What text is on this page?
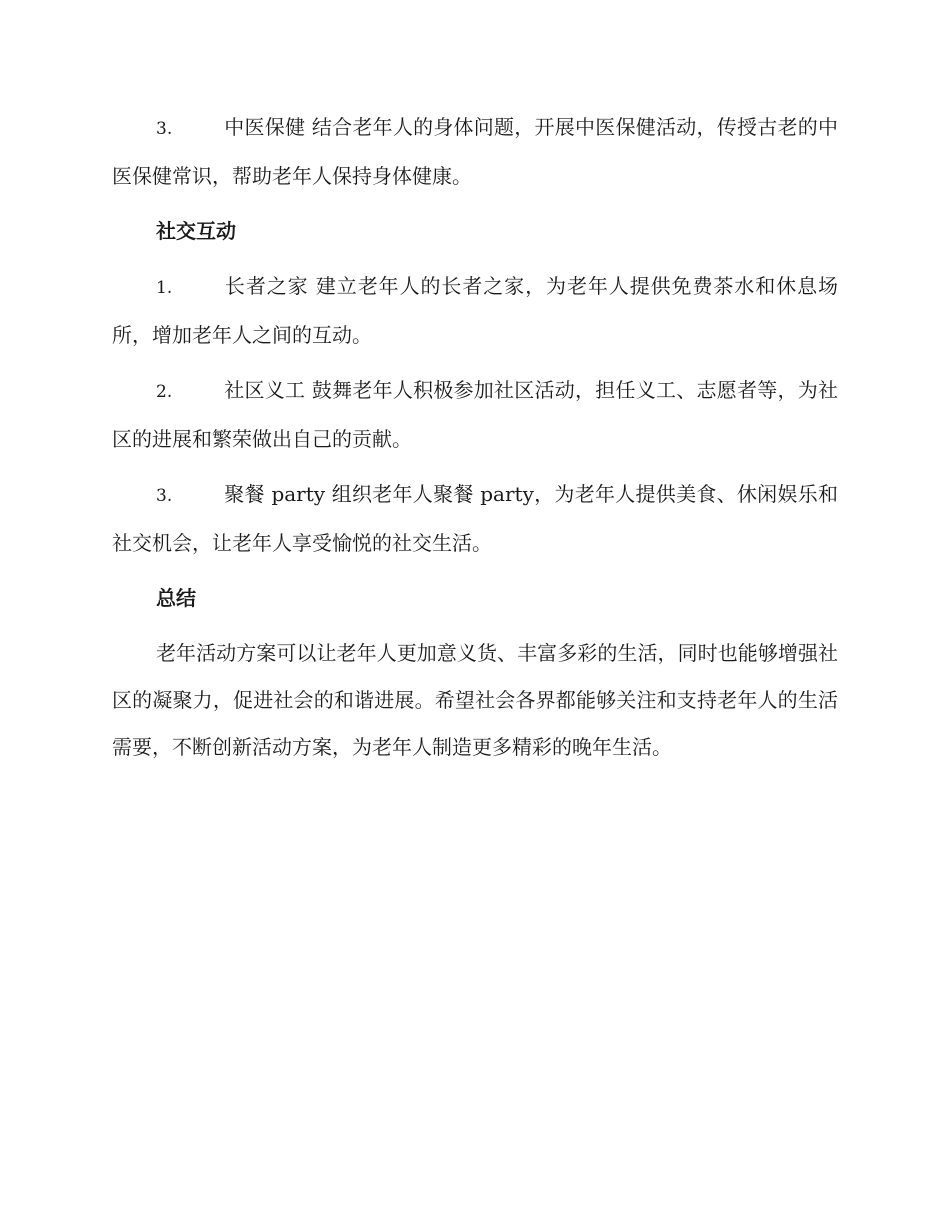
3.	中医保健 结合老年人的身体问题，开展中医保健活动，传授古老的中医保健常识，帮助老年人保持身体健康。

社交互动

1.	长者之家 建立老年人的长者之家，为老年人提供免费茶水和休息场所，增加老年人之间的互动。

2.	社区义工 鼓舞老年人积极参加社区活动，担任义工、志愿者等，为社区的进展和繁荣做出自己的贡献。

3.	聚餐 party 组织老年人聚餐 party，为老年人提供美食、休闲娱乐和社交机会，让老年人享受愉悦的社交生活。

总结

老年活动方案可以让老年人更加意义货、丰富多彩的生活，同时也能够增强社区的凝聚力，促进社会的和谐进展。希望社会各界都能够关注和支持老年人的生活需要，不断创新活动方案，为老年人制造更多精彩的晚年生活。
